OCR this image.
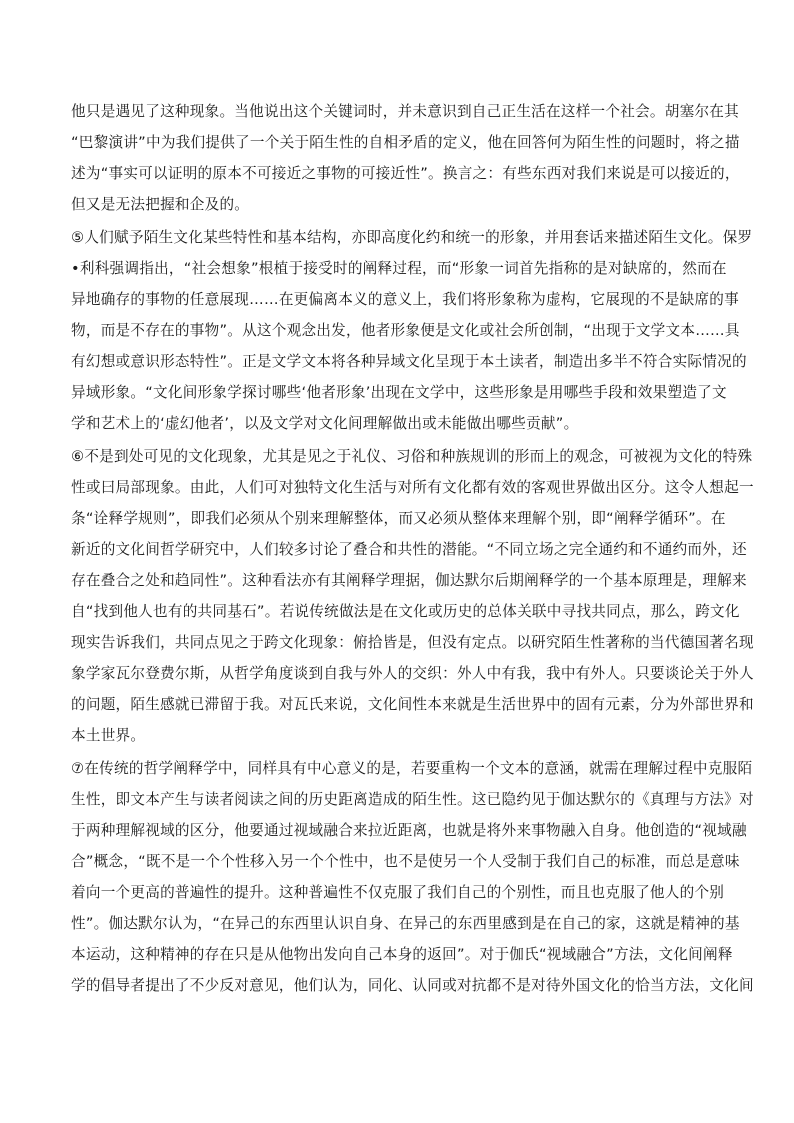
他只是遇见了这种现象。当他说出这个关键词时，并未意识到自己正生活在这样一个社会。胡塞尔在其

“巴黎演讲”中为我们提供了一个关于陌生性的自相矛盾的定义，他在回答何为陌生性的问题时，将之描

述为“事实可以证明的原本不可接近之事物的可接近性”。换言之：有些东西对我们来说是可以接近的，

但又是无法把握和企及的。

⑤人们赋予陌生文化某些特性和基本结构，亦即高度化约和统一的形象，并用套话来描述陌生文化。保罗

•利科强调指出，“社会想象”根植于接受时的阐释过程，而“形象一词首先指称的是对缺席的，然而在

异地确存的事物的任意展现……在更偏离本义的意义上，我们将形象称为虚构，它展现的不是缺席的事

物，而是不存在的事物”。从这个观念出发，他者形象便是文化或社会所创制，“出现于文学文本……具

有幻想或意识形态特性”。正是文学文本将各种异域文化呈现于本土读者，制造出多半不符合实际情况的

异域形象。“文化间形象学探讨哪些‘他者形象’出现在文学中，这些形象是用哪些手段和效果塑造了文

学和艺术上的‘虚幻他者’，以及文学对文化间理解做出或未能做出哪些贡献”。

⑥不是到处可见的文化现象，尤其是见之于礼仪、习俗和种族规训的形而上的观念，可被视为文化的特殊

性或曰局部现象。由此，人们可对独特文化生活与对所有文化都有效的客观世界做出区分。这令人想起一

条“诠释学规则”，即我们必须从个别来理解整体，而又必须从整体来理解个别，即“阐释学循环”。在

新近的文化间哲学研究中，人们较多讨论了叠合和共性的潜能。“不同立场之完全通约和不通约而外，还

存在叠合之处和趋同性”。这种看法亦有其阐释学理据，伽达默尔后期阐释学的一个基本原理是，理解来

自“找到他人也有的共同基石”。若说传统做法是在文化或历史的总体关联中寻找共同点，那么，跨文化

现实告诉我们，共同点见之于跨文化现象：俯拾皆是，但没有定点。以研究陌生性著称的当代德国著名现

象学家瓦尔登费尔斯，从哲学角度谈到自我与外人的交织：外人中有我，我中有外人。只要谈论关于外人

的问题，陌生感就已滞留于我。对瓦氏来说，文化间性本来就是生活世界中的固有元素，分为外部世界和

本土世界。

⑦在传统的哲学阐释学中，同样具有中心意义的是，若要重构一个文本的意涵，就需在理解过程中克服陌

生性，即文本产生与读者阅读之间的历史距离造成的陌生性。这已隐约见于伽达默尔的《真理与方法》对

于两种理解视域的区分，他要通过视域融合来拉近距离，也就是将外来事物融入自身。他创造的“视域融

合”概念，“既不是一个个性移入另一个个性中，也不是使另一个人受制于我们自己的标准，而总是意味

着向一个更高的普遍性的提升。这种普遍性不仅克服了我们自己的个别性，而且也克服了他人的个别

性”。伽达默尔认为，“在异己的东西里认识自身、在异己的东西里感到是在自己的家，这就是精神的基

本运动，这种精神的存在只是从他物出发向自己本身的返回”。对于伽氏“视域融合”方法，文化间阐释

学的倡导者提出了不少反对意见，他们认为，同化、认同或对抗都不是对待外国文化的恰当方法，文化间
